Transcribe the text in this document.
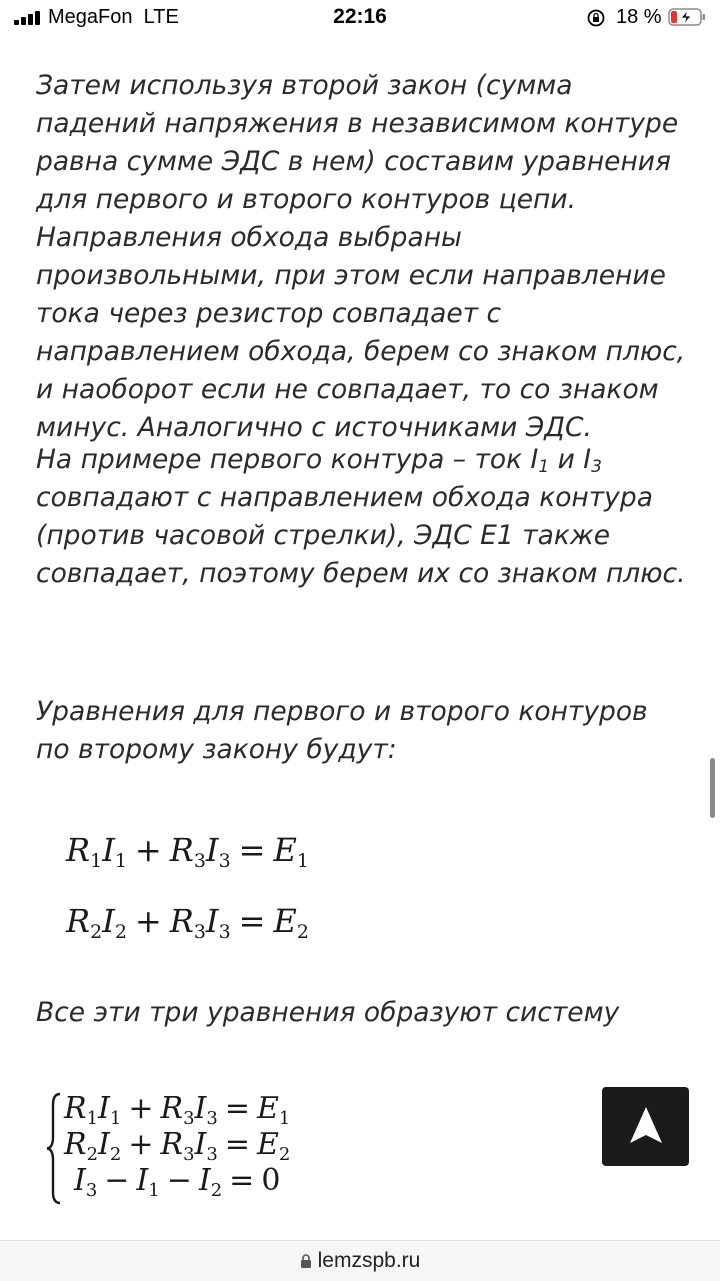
MegaFon LTE	22:16	18 %

Затем используя второй закон (сумма падений напряжения в независимом контуре равна сумме ЭДС в нем) составим уравнения для первого и второго контуров цепи. Направления обхода выбраны произвольными, при этом если направление тока через резистор совпадает с направлением обхода, берем со знаком плюс, и наоборот если не совпадает, то со знаком минус. Аналогично с источниками ЭДС.

На примере первого контура – ток $I_1$ и $I_3$ совпадают с направлением обхода контура (против часовой стрелки), ЭДС E1 также совпадает, поэтому берем их со знаком плюс.

Уравнения для первого и второго контуров по второму закону будут:

$R_1I_1 + R_3I_3 = E_1$
$R_2I_2 + R_3I_3 = E_2$

Все эти три уравнения образуют систему

$R_1I_1 + R_3I_3 = E_1$
$R_2I_2 + R_3I_3 = E_2$
$I_3 - I_1 - I_2 = 0$
lemzspb.ru
